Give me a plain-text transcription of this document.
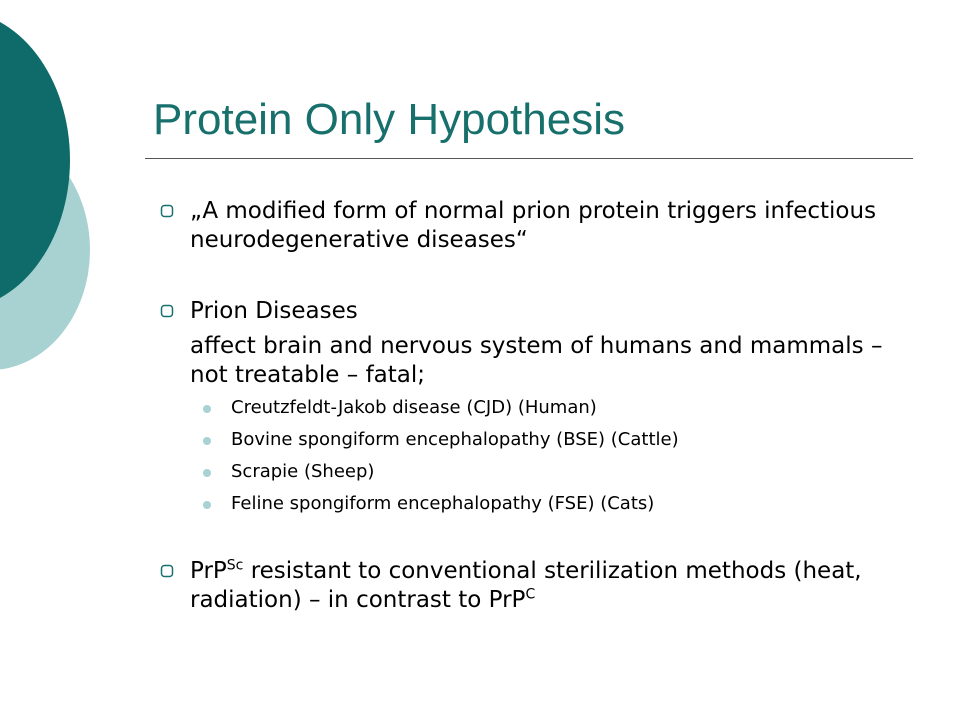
Protein Only Hypothesis
„A modified form of normal prion protein triggers infectious neurodegenerative diseases“
Prion Diseases
affect brain and nervous system of humans and mammals – not treatable – fatal;
Creutzfeldt-Jakob disease (CJD) (Human)
Bovine spongiform encephalopathy (BSE) (Cattle)
Scrapie (Sheep)
Feline spongiform encephalopathy (FSE) (Cats)
PrP$^{Sc}$ resistant to conventional sterilization methods (heat, radiation) – in contrast to PrP$^C$
